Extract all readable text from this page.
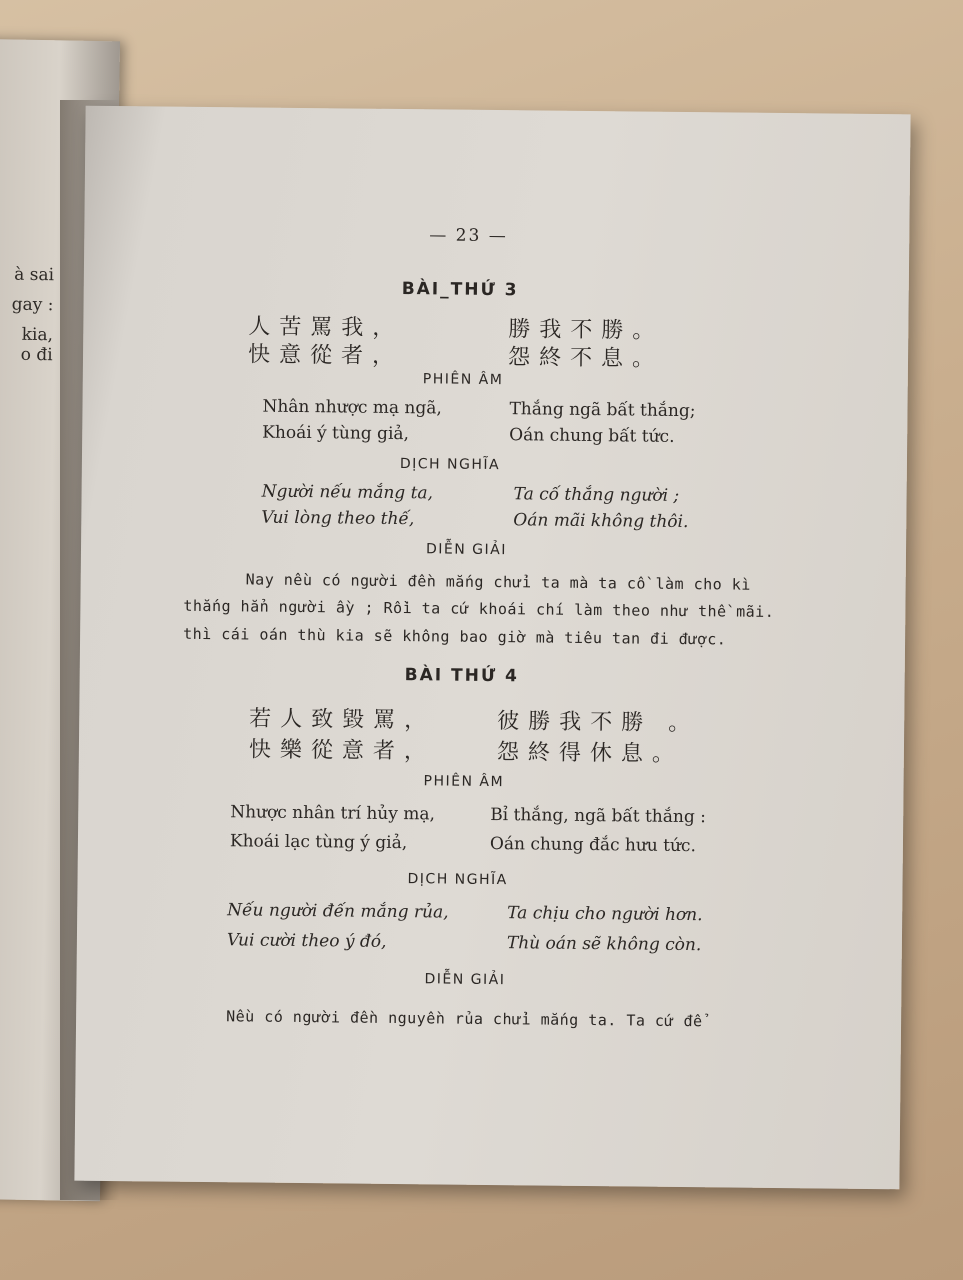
à sai
gay :
kia,
o đi
— 23 —
BÀI_THỨ 3
人苦罵我，	勝我不勝。
快意從者，	怨終不息。
PHIÊN ÂM
Nhân nhược mạ ngã,	Thắng ngã bất thắng;
Khoái ý tùng giả,	Oán chung bất tức.
DỊCH NGHĨA
Người nếu mắng ta,	Ta cố thắng người ;
Vui lòng theo thế,	Oán mãi không thôi.
DIỄN GIẢI
Nay nều có người đền mắng chửi ta mà ta cồ làm cho kì
thắng hẳn người ầy ; Rồi ta cứ khoái chí làm theo như thề mãi.
thì cái oán thù kia sẽ không bao giờ mà tiêu tan đi được.
BÀI THỨ 4
若人致毀罵，	彼勝我不勝 。
快樂從意者，	怨終得休息。
PHIÊN ÂM
Nhược nhân trí hủy mạ,	Bỉ thắng, ngã bất thắng :
Khoái lạc tùng ý giả,	Oán chung đắc hưu tức.
DỊCH NGHĨA
Nếu người đến mắng rủa,	Ta chịu cho người hơn.
Vui cười theo ý đó,	Thù oán sẽ không còn.
DIỄN GIẢI
Nều có người đền nguyền rủa chửi mắng ta. Ta cứ để
